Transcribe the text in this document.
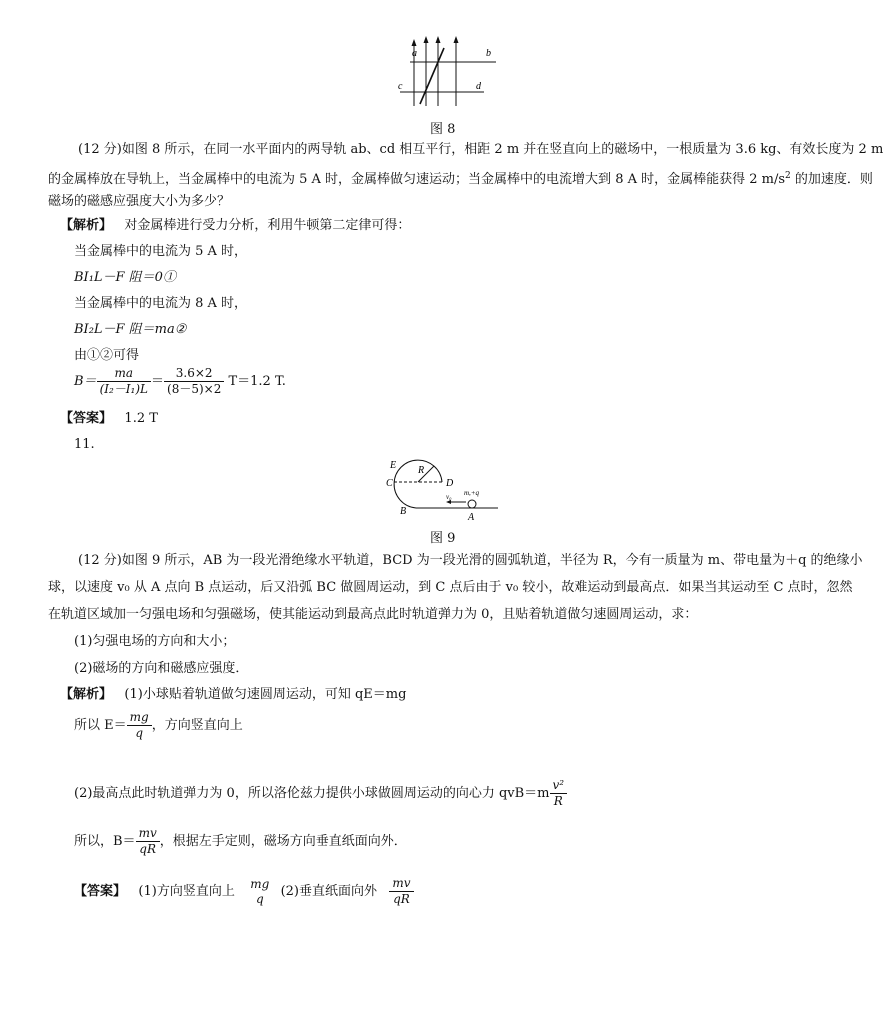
a	b
c	d
图 8
(12 分)如图 8 所示，在同一水平面内的两导轨 ab、cd 相互平行，相距 2 m 并在竖直向上的磁场中，一根质量为 3.6 kg、有效长度为 2 m
的金属棒放在导轨上，当金属棒中的电流为 5 A 时，金属棒做匀速运动；当金属棒中的电流增大到 8 A 时，金属棒能获得 2 $m/s^2$ 的加速度．则
磁场的磁感应强度大小为多少？
【解析】 对金属棒进行受力分析，利用牛顿第二定律可得：
当金属棒中的电流为 5 A 时，
BI₁L－F 阻＝0①
当金属棒中的电流为 8 A 时，
BI₂L－F 阻＝ma②
由①②可得
$B= \frac{ma}{\text{(I₂－I₁)L}} = \frac{3.6\times 2}{(8-5)\times 2} T=1.2$ T.
【答案】 1.2 T
11.
E R
C	D
B
A
v₀ m,+q
图 9
(12 分)如图 9 所示，AB 为一段光滑绝缘水平轨道，BCD 为一段光滑的圆弧轨道，半径为 R，今有一质量为 m、带电量为＋q 的绝缘小
球，以速度 v₀ 从 A 点向 B 点运动，后又沿弧 BC 做圆周运动，到 C 点后由于 v₀ 较小，故难运动到最高点．如果当其运动至 C 点时，忽然
在轨道区域加一匀强电场和匀强磁场，使其能运动到最高点此时轨道弹力为 0，且贴着轨道做匀速圆周运动，求：
(1)匀强电场的方向和大小；
(2)磁场的方向和磁感应强度．
【解析】 (1)小球贴着轨道做匀速圆周运动，可知 qE＝mg
所以 $E= \frac{mg}{q}$ ，方向竖直向上
(2)最高点此时轨道弹力为 0，所以洛伦兹力提供小球做圆周运动的向心力 $qvB=m \frac{\text{v²}}{R}$
所以，$B= \frac{mv}{qR}$ ，根据左手定则，磁场方向垂直纸面向外．
【答案】 (1)方向竖直向上
mg
q	(2)垂直纸面向外 $\frac{mv}{qR}$
